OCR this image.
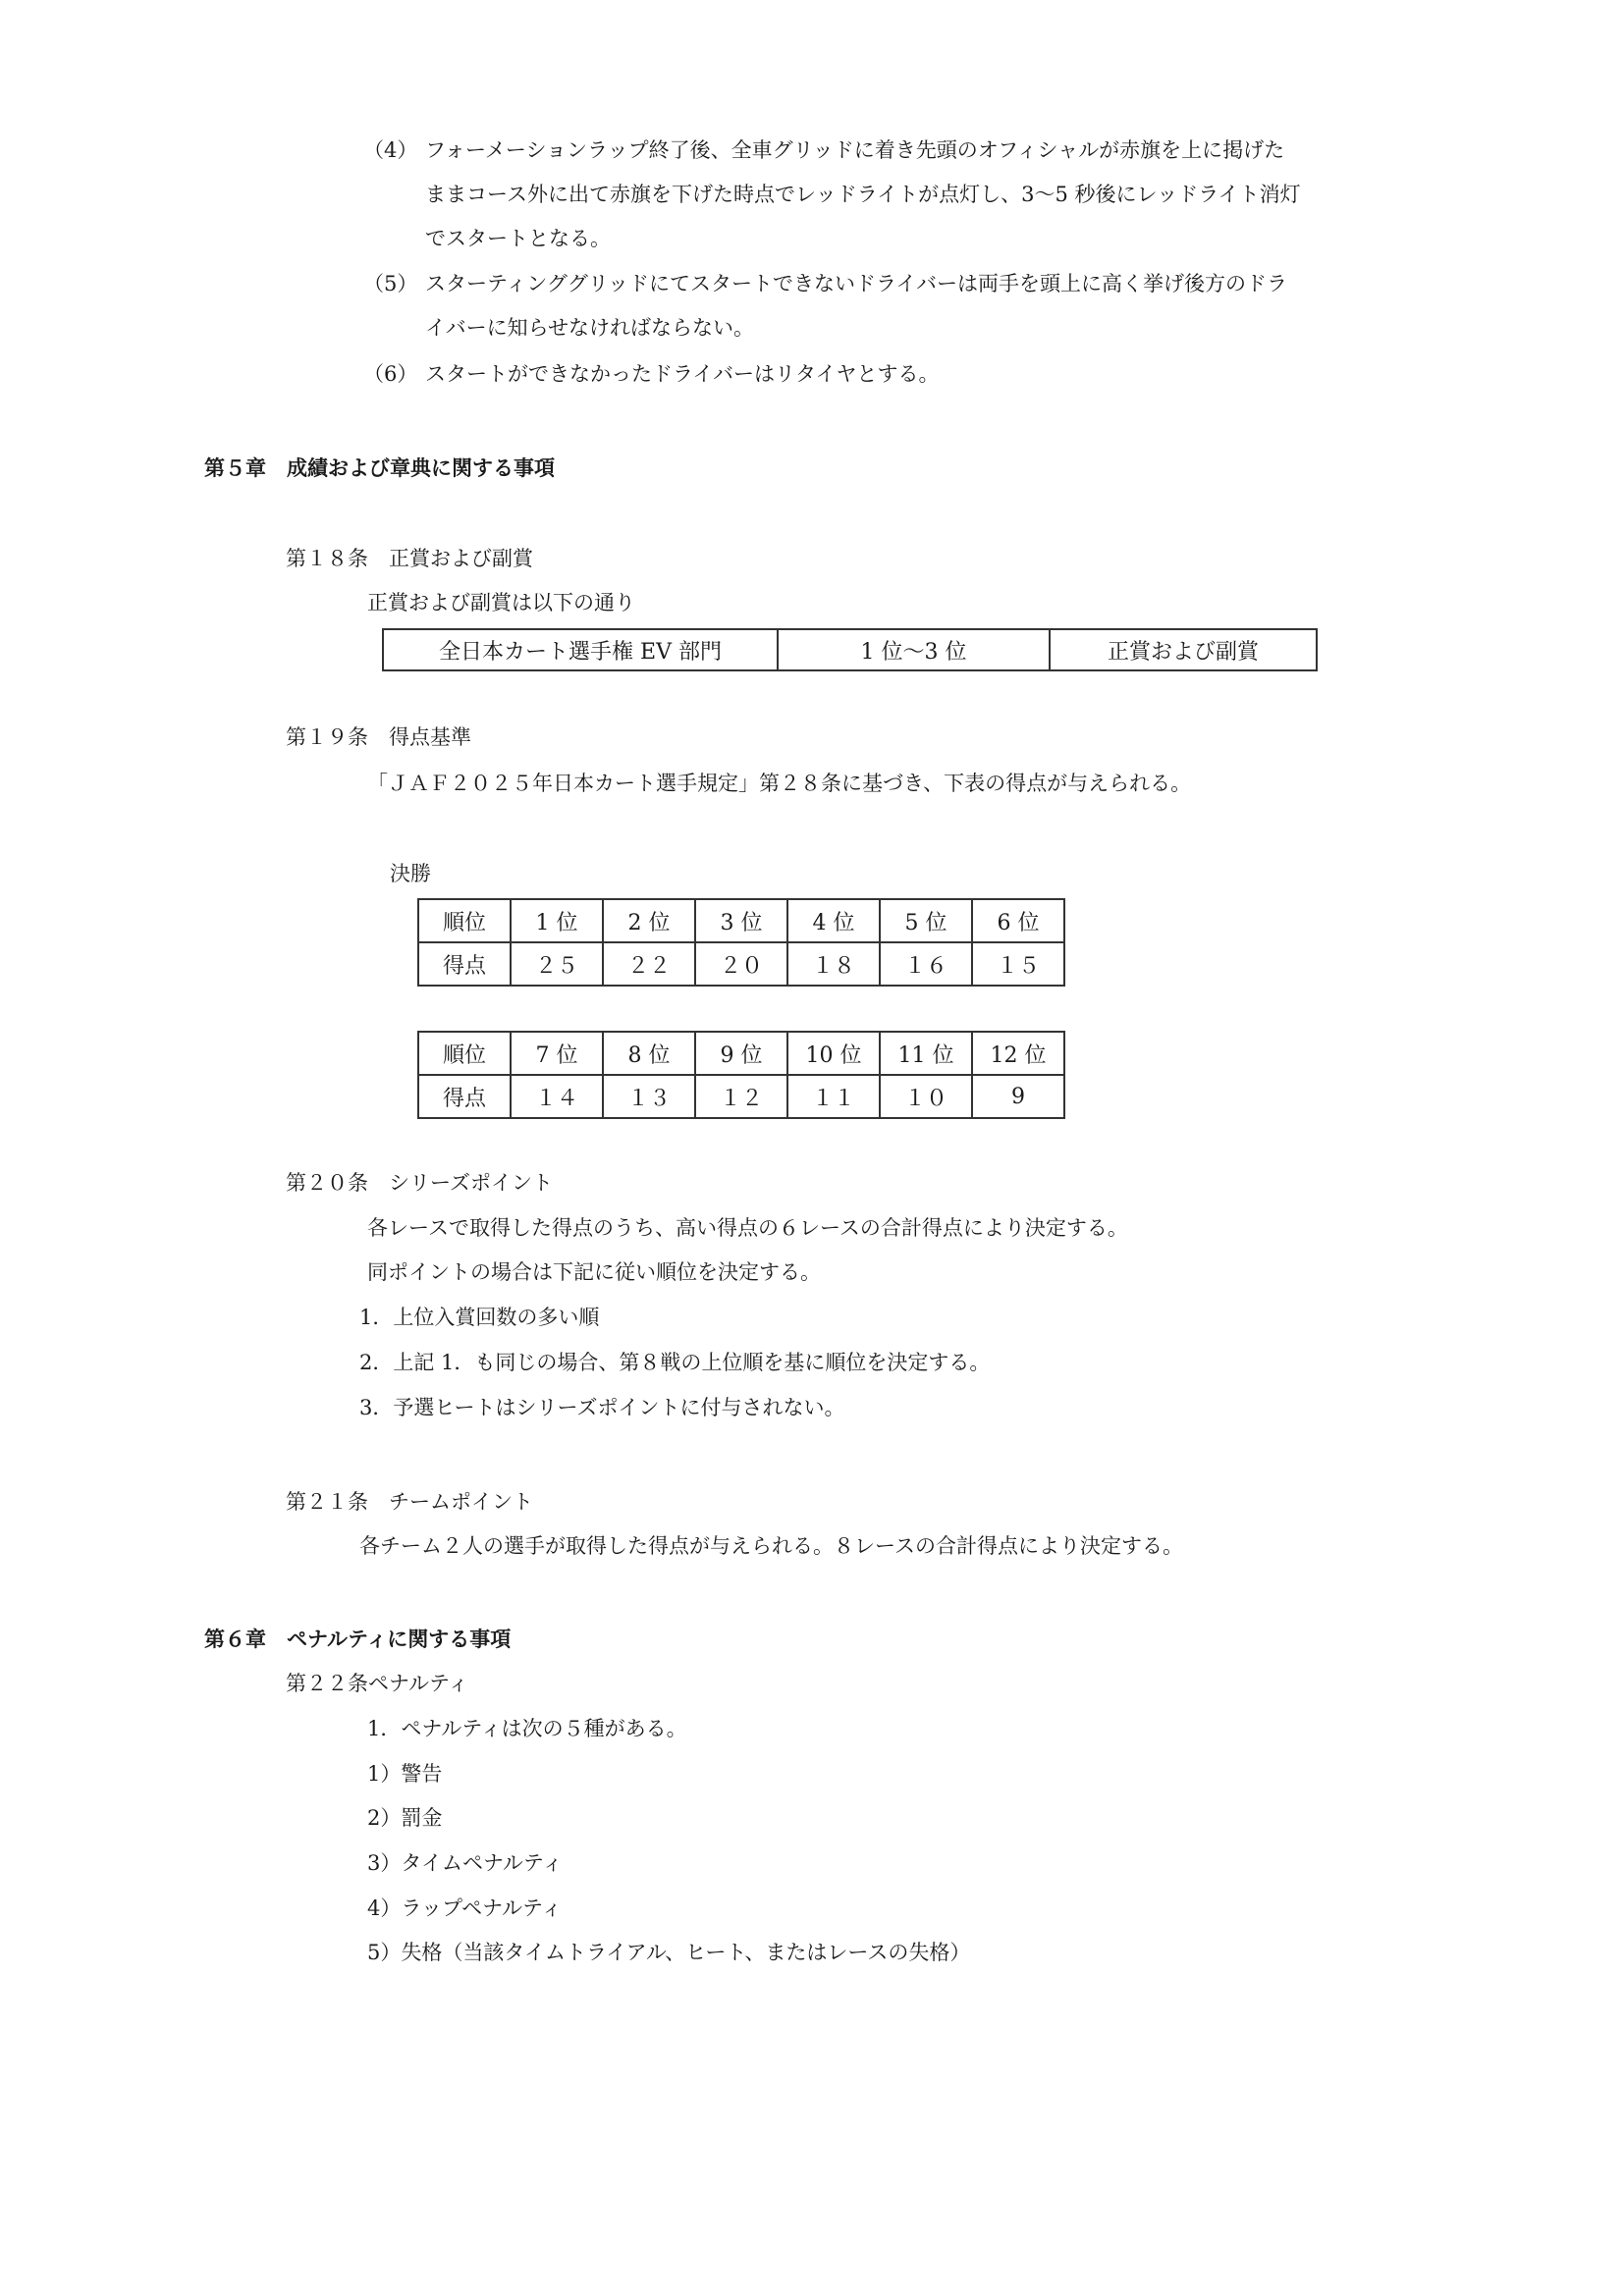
（4） フォーメーションラップ終了後、全車グリッドに着き先頭のオフィシャルが赤旗を上に掲げた
ままコース外に出て赤旗を下げた時点でレッドライトが点灯し、3〜5 秒後にレッドライト消灯
でスタートとなる。
（5） スターティンググリッドにてスタートできないドライバーは両手を頭上に高く挙げ後方のドラ
イバーに知らせなければならない。
（6） スタートができなかったドライバーはリタイヤとする。
第５章　成績および章典に関する事項
第１８条　正賞および副賞
正賞および副賞は以下の通り
全日本カート選手権 EV 部門	1 位〜3 位	正賞および副賞
第１９条　得点基準
「ＪＡＦ２０２５年日本カート選手規定」第２８条に基づき、下表の得点が与えられる。
決勝
順位	1 位	2 位	3 位	4 位	5 位	6 位
得点	２５	２２	２０	１８	１６	１５
順位	7 位	8 位	9 位	10 位	11 位	12 位
得点	１４	１３	１２	１１	１０	9
第２０条　シリーズポイント
各レースで取得した得点のうち、高い得点の６レースの合計得点により決定する。
同ポイントの場合は下記に従い順位を決定する。
1．上位入賞回数の多い順
2．上記 1．も同じの場合、第８戦の上位順を基に順位を決定する。
3．予選ヒートはシリーズポイントに付与されない。
第２１条　チームポイント
各チーム２人の選手が取得した得点が与えられる。８レースの合計得点により決定する。
第６章　ペナルティに関する事項
第２２条ペナルティ
1．ペナルティは次の５種がある。
1）警告
2）罰金
3）タイムペナルティ
4）ラップペナルティ
5）失格（当該タイムトライアル、ヒート、またはレースの失格）
